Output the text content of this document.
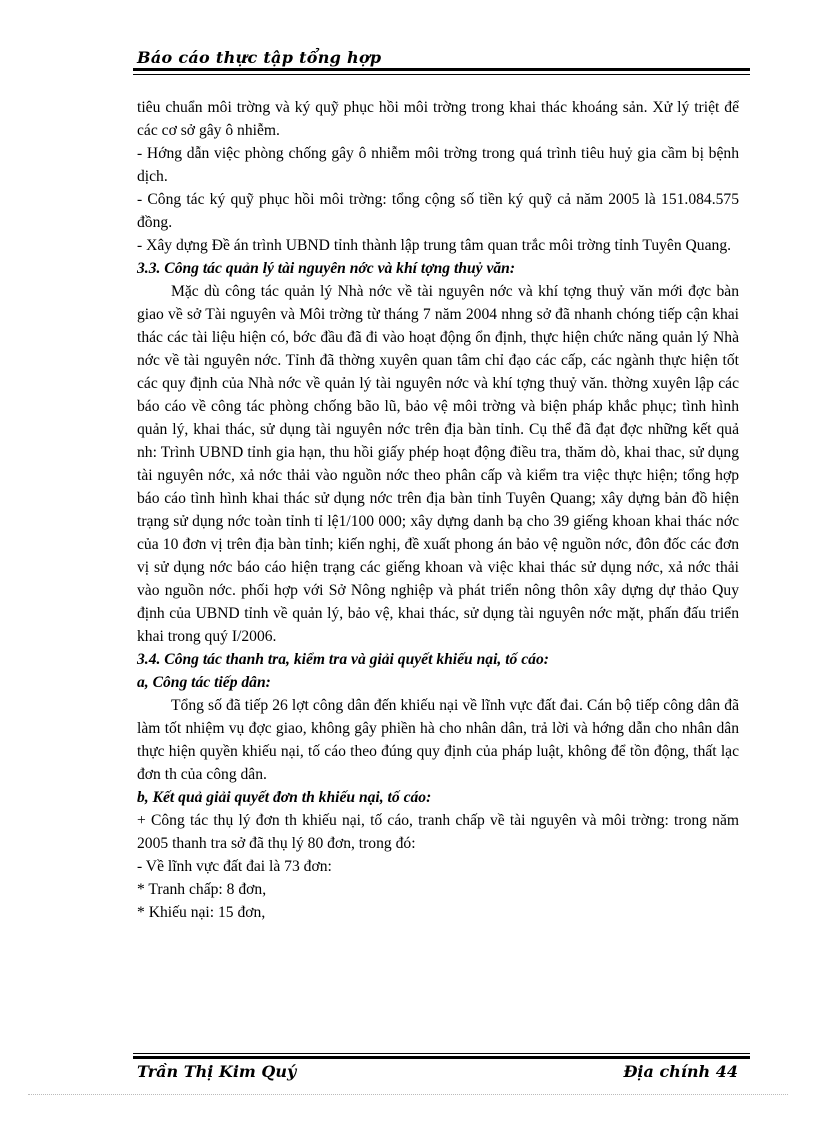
Báo cáo thực tập tổng hợp

tiêu chuẩn môi trờng và ký quỹ phục hồi môi trờng trong khai thác khoáng sản. Xử lý triệt để các cơ sở gây ô nhiễm.

- Hớng dẫn việc phòng chống gây ô nhiễm môi trờng trong quá trình tiêu huỷ gia cầm bị bệnh dịch.

- Công tác ký quỹ phục hồi môi trờng: tổng cộng số tiền ký quỹ cả năm 2005 là 151.084.575 đồng.

- Xây dựng Đề án trình UBND tỉnh thành lập trung tâm quan trắc môi trờng tỉnh Tuyên Quang.

3.3. Công tác quản lý tài nguyên nớc và khí tợng thuỷ văn:

Mặc dù công tác quản lý Nhà nớc về tài nguyên nớc và khí tợng thuỷ văn mới đợc bàn giao về sở Tài nguyên và Môi trờng từ tháng 7 năm 2004 nhng sở đã nhanh chóng tiếp cận khai thác các tài liệu hiện có, bớc đầu đã đi vào hoạt động ổn định, thực hiện chức năng quản lý Nhà nớc về tài nguyên nớc. Tỉnh đã thờng xuyên quan tâm chỉ đạo các cấp, các ngành thực hiện tốt các quy định của Nhà nớc về quản lý tài nguyên nớc và khí tợng thuỷ văn. thờng xuyên lập các báo cáo về công tác phòng chống bão lũ, bảo vệ môi trờng và biện pháp khắc phục; tình hình quản lý, khai thác, sử dụng tài nguyên nớc trên địa bàn tỉnh. Cụ thể đã đạt đợc những kết quả nh: Trình UBND tỉnh gia hạn, thu hồi giấy phép hoạt động điều tra, thăm dò, khai thac, sử dụng tài nguyên nớc, xả nớc thải vào nguồn nớc theo phân cấp và kiểm tra việc thực hiện; tổng hợp báo cáo tình hình khai thác sử dụng nớc trên địa bàn tỉnh Tuyên Quang; xây dựng bản đồ hiện trạng sử dụng nớc toàn tỉnh tỉ lệ1/100 000; xây dựng danh bạ cho 39 giếng khoan khai thác nớc của 10 đơn vị trên địa bàn tỉnh; kiến nghị, đề xuất phong án bảo vệ nguồn nớc, đôn đốc các đơn vị sử dụng nớc báo cáo hiện trạng các giếng khoan và việc khai thác sử dụng nớc, xả nớc thải vào nguồn nớc. phối hợp với Sở Nông nghiệp và phát triển nông thôn xây dựng dự thảo Quy định của UBND tỉnh về quản lý, bảo vệ, khai thác, sử dụng tài nguyên nớc mặt, phấn đấu triển khai trong quý I/2006.

3.4. Công tác thanh tra, kiểm tra và giải quyết khiếu nại, tố cáo:

a, Công tác tiếp dân:

Tổng số đã tiếp 26 lợt công dân đến khiếu nại về lĩnh vực đất đai. Cán bộ tiếp công dân đã làm tốt nhiệm vụ đợc giao, không gây phiền hà cho nhân dân, trả lời và hớng dẫn cho nhân dân thực hiện quyền khiếu nại, tố cáo theo đúng quy định của pháp luật, không để tồn động, thất lạc đơn th của công dân.

b, Kết quả giải quyết đơn th khiếu nại, tố cáo:

+ Công tác thụ lý đơn th khiếu nại, tố cáo, tranh chấp về tài nguyên và môi trờng: trong năm 2005 thanh tra sở đã thụ lý 80 đơn, trong đó:

- Về lĩnh vực đất đai là 73 đơn:

* Tranh chấp: 8 đơn,

* Khiếu nại: 15 đơn,

Trần Thị Kim Quý	Địa chính 44
